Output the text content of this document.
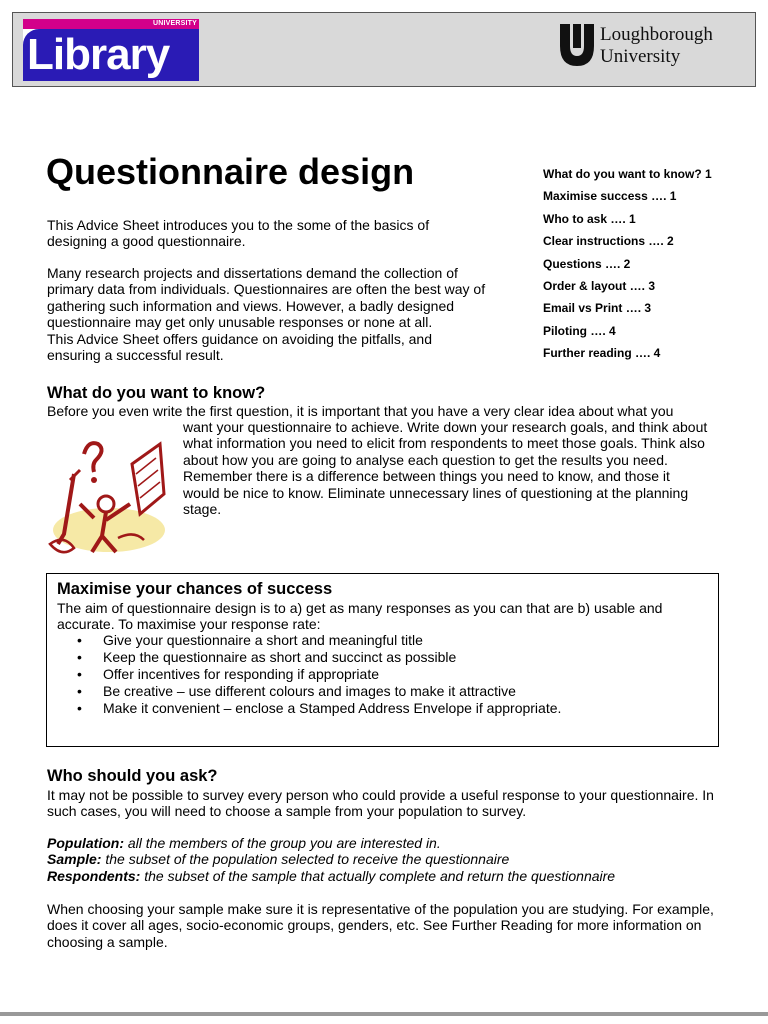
UNIVERSITY
Library	Loughborough
University
Questionnaire design	What do you want to know? 1
Maximise success …. 1
Who to ask …. 1
Clear instructions …. 2
Questions …. 2
Order & layout …. 3
Email vs Print …. 3
Piloting …. 4
Further reading …. 4

This Advice Sheet introduces you to the some of the basics of designing a good questionnaire.

Many research projects and dissertations demand the collection of primary data from individuals. Questionnaires are often the best way of gathering such information and views. However, a badly designed questionnaire may get only unusable responses or none at all.

This Advice Sheet offers guidance on avoiding the pitfalls, and ensuring a successful result.

What do you want to know?
Before you even write the first question, it is important that you have a very clear idea about what you

want your questionnaire to achieve. Write down your research goals, and think about what information you need to elicit from respondents to meet those goals. Think also about how you are going to analyse each question to get the results you need. Remember there is a difference between things you need to know, and those it would be nice to know. Eliminate unnecessary lines of questioning at the planning stage.

Maximise your chances of success

The aim of questionnaire design is to a) get as many responses as you can that are b) usable and accurate. To maximise your response rate:

• Give your questionnaire a short and meaningful title
• Keep the questionnaire as short and succinct as possible
• Offer incentives for responding if appropriate
• Be creative – use different colours and images to make it attractive
• Make it convenient – enclose a Stamped Address Envelope if appropriate.
Who should you ask?

It may not be possible to survey every person who could provide a useful response to your questionnaire. In such cases, you will need to choose a sample from your population to survey.

Population: all the members of the group you are interested in.
Sample: the subset of the population selected to receive the questionnaire
Respondents: the subset of the sample that actually complete and return the questionnaire

When choosing your sample make sure it is representative of the population you are studying. For example, does it cover all ages, socio-economic groups, genders, etc. See Further Reading for more information on choosing a sample.
